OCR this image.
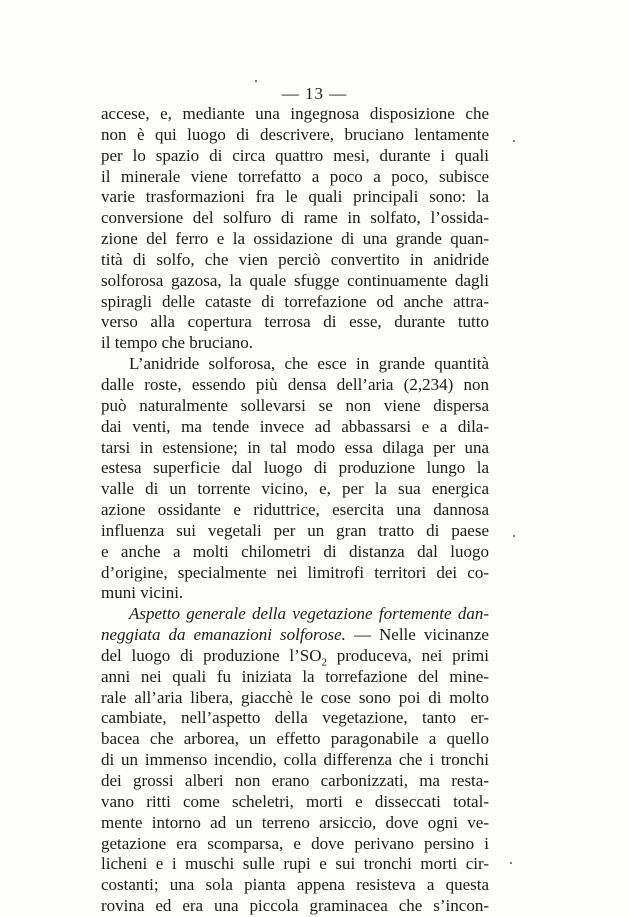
— 13 —
accese, e, mediante una ingegnosa disposizione che
non è qui luogo di descrivere, bruciano lentamente
per lo spazio di circa quattro mesi, durante i quali
il minerale viene torrefatto a poco a poco, subisce
varie trasformazioni fra le quali principali sono: la
conversione del solfuro di rame in solfato, l’ossida-
zione del ferro e la ossidazione di una grande quan-
tità di solfo, che vien perciò convertito in anidride
solforosa gazosa, la quale sfugge continuamente dagli
spiragli delle cataste di torrefazione od anche attra-
verso alla copertura terrosa di esse, durante tutto
il tempo che bruciano.
L’anidride solforosa, che esce in grande quantità
dalle roste, essendo più densa dell’aria (2,234) non
può naturalmente sollevarsi se non viene dispersa
dai venti, ma tende invece ad abbassarsi e a dila-
tarsi in estensione; in tal modo essa dilaga per una
estesa superficie dal luogo di produzione lungo la
valle di un torrente vicino, e, per la sua energica
azione ossidante e riduttrice, esercita una dannosa
influenza sui vegetali per un gran tratto di paese
e anche a molti chilometri di distanza dal luogo
d’origine, specialmente nei limitrofi territori dei co-
muni vicini.
Aspetto generale della vegetazione fortemente dan-
neggiata da emanazioni solforose. — Nelle vicinanze
del luogo di produzione $l’SO_2$ produceva, nei primi
anni nei quali fu iniziata la torrefazione del mine-
rale all’aria libera, giacchè le cose sono poi di molto
cambiate, nell’aspetto della vegetazione, tanto er-
bacea che arborea, un effetto paragonabile a quello
di un immenso incendio, colla differenza che i tronchi
dei grossi alberi non erano carbonizzati, ma resta-
vano ritti come scheletri, morti e disseccati total-
mente intorno ad un terreno arsiccio, dove ogni ve-
getazione era scomparsa, e dove perivano persino i
licheni e i muschi sulle rupi e sui tronchi morti cir-
costanti; una sola pianta appena resisteva a questa
rovina ed era una piccola graminacea che s’incon-
